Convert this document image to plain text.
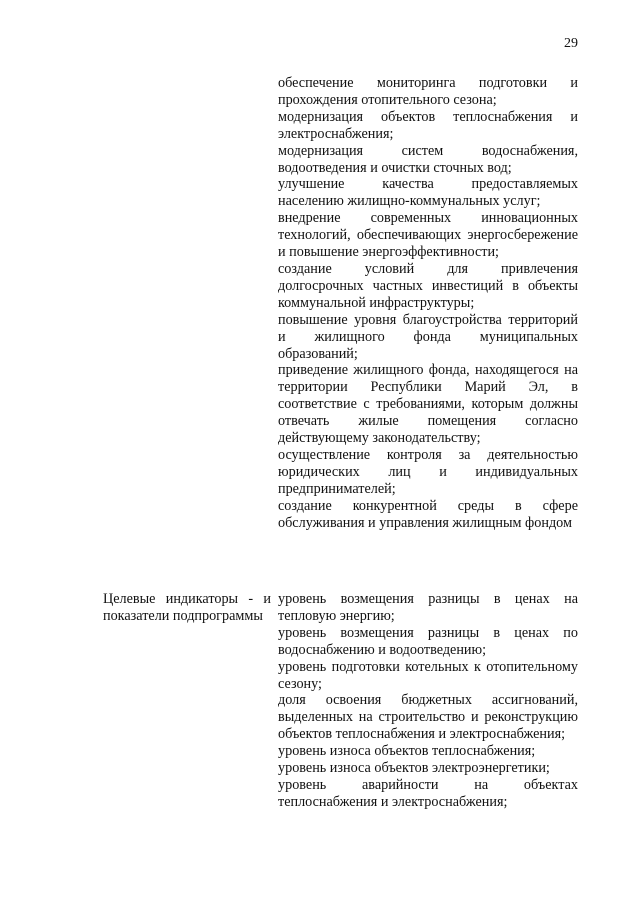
29
обеспечение мониторинга подготовки и прохождения отопительного сезона;
модернизация объектов теплоснабжения и электроснабжения;
модернизация систем водоснабжения, водоотведения и очистки сточных вод;
улучшение качества предоставляемых населению жилищно-коммунальных услуг;
внедрение современных инновационных технологий, обеспечивающих энергосбережение и повышение энергоэффективности;
создание условий для привлечения долгосрочных частных инвестиций в объекты коммунальной инфраструктуры;
повышение уровня благоустройства территорий и жилищного фонда муниципальных образований;
приведение жилищного фонда, находящегося на территории Республики Марий Эл, в соответствие с требованиями, которым должны отвечать жилые помещения согласно действующему законодательству;
осуществление контроля за деятельностью юридических лиц и индивидуальных предпринимателей;
создание конкурентной среды в сфере обслуживания и управления жилищным фондом
Целевые индикаторы - и показатели подпрограммы
уровень возмещения разницы в ценах на тепловую энергию;
уровень возмещения разницы в ценах по водоснабжению и водоотведению;
уровень подготовки котельных к отопительному сезону;
доля освоения бюджетных ассигнований, выделенных на строительство и реконструкцию объектов теплоснабжения и электроснабжения;
уровень износа объектов теплоснабжения;
уровень износа объектов электроэнергетики;
уровень аварийности на объектах теплоснабжения и электроснабжения;
